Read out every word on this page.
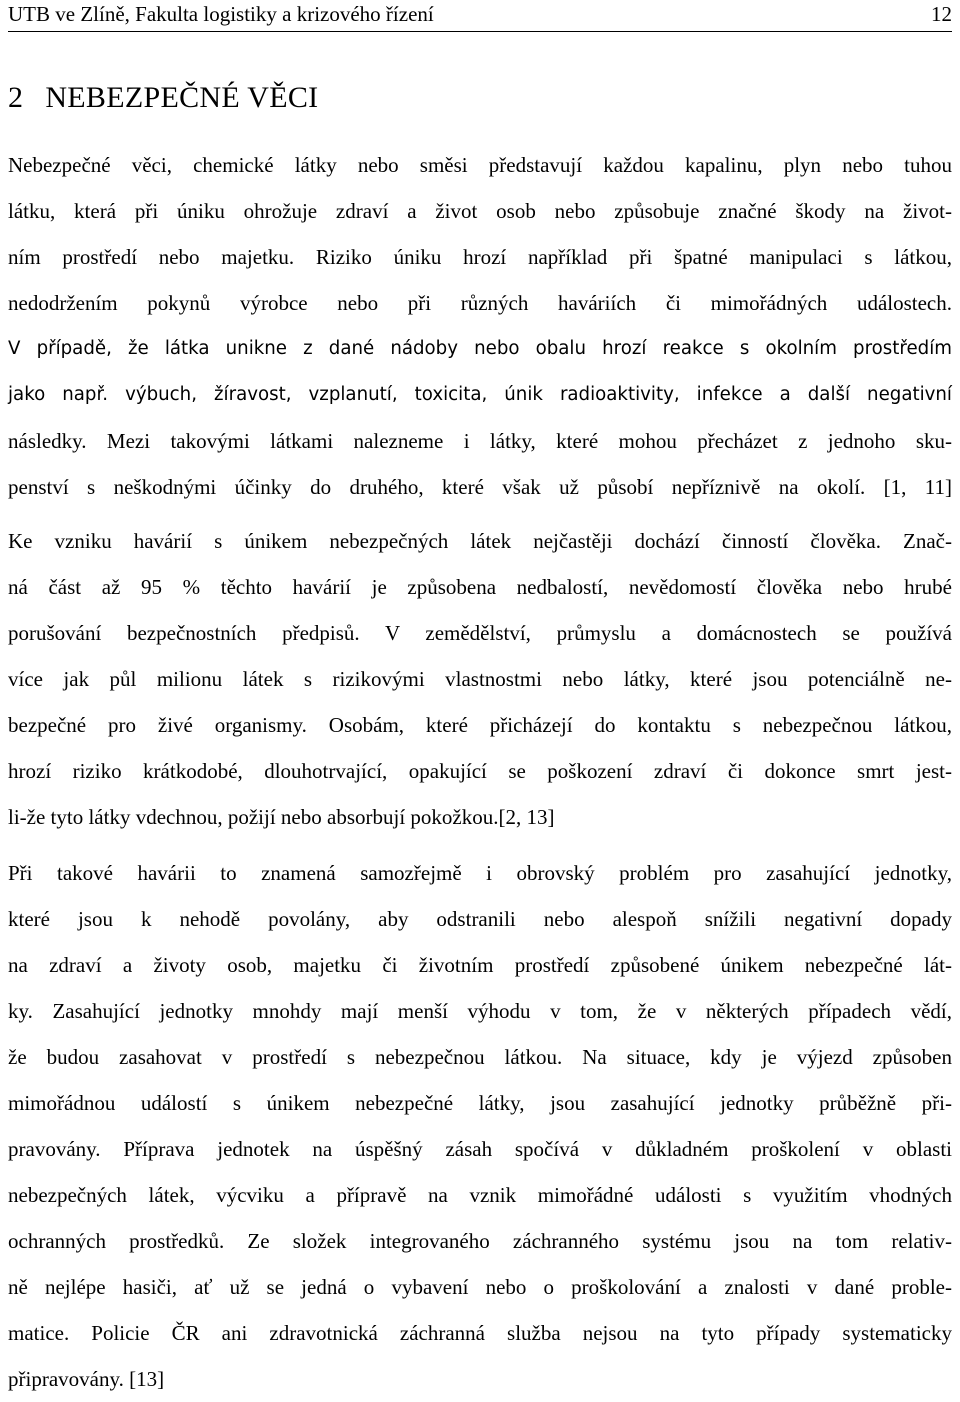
UTB ve Zlíně, Fakulta logistiky a krizového řízení	12
2 NEBEZPEČNÉ VĚCI
Nebezpečné věci, chemické látky nebo směsi představují každou kapalinu, plyn nebo tuhou
látku, která při úniku ohrožuje zdraví a život osob nebo způsobuje značné škody na život-
ním prostředí nebo majetku. Riziko úniku hrozí například při špatné manipulaci s látkou,
nedodržením pokynů výrobce nebo při různých haváriích či mimořádných událostech.
V případě, že látka unikne z dané nádoby nebo obalu hrozí reakce s okolním prostředím
jako např. výbuch, žíravost, vzplanutí, toxicita, únik radioaktivity, infekce a další negativní
následky. Mezi takovými látkami nalezneme i látky, které mohou přecházet z jednoho sku-
penství s neškodnými účinky do druhého, které však už působí nepříznivě na okolí. [1, 11]
Ke vzniku havárií s únikem nebezpečných látek nejčastěji dochází činností člověka. Znač-
ná část až 95 % těchto havárií je způsobena nedbalostí, nevědomostí člověka nebo hrubé
porušování bezpečnostních předpisů. V zemědělství, průmyslu a domácnostech se používá
více jak půl milionu látek s rizikovými vlastnostmi nebo látky, které jsou potenciálně ne-
bezpečné pro živé organismy. Osobám, které přicházejí do kontaktu s nebezpečnou látkou,
hrozí riziko krátkodobé, dlouhotrvající, opakující se poškození zdraví či dokonce smrt jest-
li-že tyto látky vdechnou, požijí nebo absorbují pokožkou.[2, 13]
Při takové havárii to znamená samozřejmě i obrovský problém pro zasahující jednotky,
které jsou k nehodě povolány, aby odstranili nebo alespoň snížili negativní dopady
na zdraví a životy osob, majetku či životním prostředí způsobené únikem nebezpečné lát-
ky. Zasahující jednotky mnohdy mají menší výhodu v tom, že v některých případech vědí,
že budou zasahovat v prostředí s nebezpečnou látkou. Na situace, kdy je výjezd způsoben
mimořádnou událostí s únikem nebezpečné látky, jsou zasahující jednotky průběžně při-
pravovány. Příprava jednotek na úspěšný zásah spočívá v důkladném proškolení v oblasti
nebezpečných látek, výcviku a přípravě na vznik mimořádné události s využitím vhodných
ochranných prostředků. Ze složek integrovaného záchranného systému jsou na tom relativ-
ně nejlépe hasiči, ať už se jedná o vybavení nebo o proškolování a znalosti v dané proble-
matice. Policie ČR ani zdravotnická záchranná služba nejsou na tyto případy systematicky
připravovány. [13]
